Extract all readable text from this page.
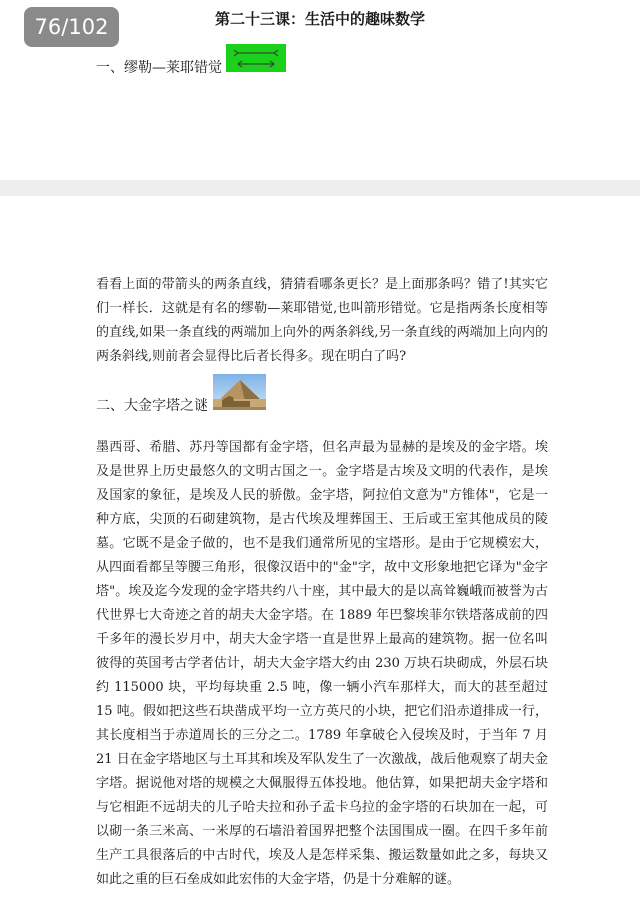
76/102	第二十三课：生活中的趣味数学
一、缪勒—莱耶错觉

看看上面的带箭头的两条直线，猜猜看哪条更长？是上面那条吗？错了!其实它们一样长．这就是有名的缪勒—莱耶错觉,也叫箭形错觉。它是指两条长度相等的直线,如果一条直线的两端加上向外的两条斜线,另一条直线的两端加上向内的两条斜线,则前者会显得比后者长得多。现在明白了吗?

二、大金字塔之谜

墨西哥、希腊、苏丹等国都有金字塔，但名声最为显赫的是埃及的金字塔。埃及是世界上历史最悠久的文明古国之一。金字塔是古埃及文明的代表作，是埃及国家的象征，是埃及人民的骄傲。金字塔，阿拉伯文意为"方锥体"，它是一种方底，尖顶的石砌建筑物，是古代埃及埋葬国王、王后或王室其他成员的陵墓。它既不是金子做的，也不是我们通常所见的宝塔形。是由于它规模宏大，从四面看都呈等腰三角形，很像汉语中的"金"字，故中文形象地把它译为"金字塔"。埃及迄今发现的金字塔共约八十座，其中最大的是以高耸巍峨而被誉为古代世界七大奇迹之首的胡夫大金字塔。在 1889 年巴黎埃菲尔铁塔落成前的四千多年的漫长岁月中，胡夫大金字塔一直是世界上最高的建筑物。据一位名叫彼得的英国考古学者估计，胡夫大金字塔大约由 230 万块石块砌成，外层石块约 115000 块，平均每块重 2.5 吨，像一辆小汽车那样大，而大的甚至超过 15 吨。假如把这些石块凿成平均一立方英尺的小块，把它们沿赤道排成一行，其长度相当于赤道周长的三分之二。1789 年拿破仑入侵埃及时，于当年 7 月 21 日在金字塔地区与土耳其和埃及军队发生了一次激战，战后他观察了胡夫金字塔。据说他对塔的规模之大佩服得五体投地。他估算，如果把胡夫金字塔和与它相距不远胡夫的儿子哈夫拉和孙子孟卡乌拉的金字塔的石块加在一起，可以砌一条三米高、一米厚的石墙沿着国界把整个法国围成一圈。在四千多年前生产工具很落后的中古时代，埃及人是怎样采集、搬运数量如此之多，每块又如此之重的巨石垒成如此宏伟的大金字塔，仍是十分难解的谜。
